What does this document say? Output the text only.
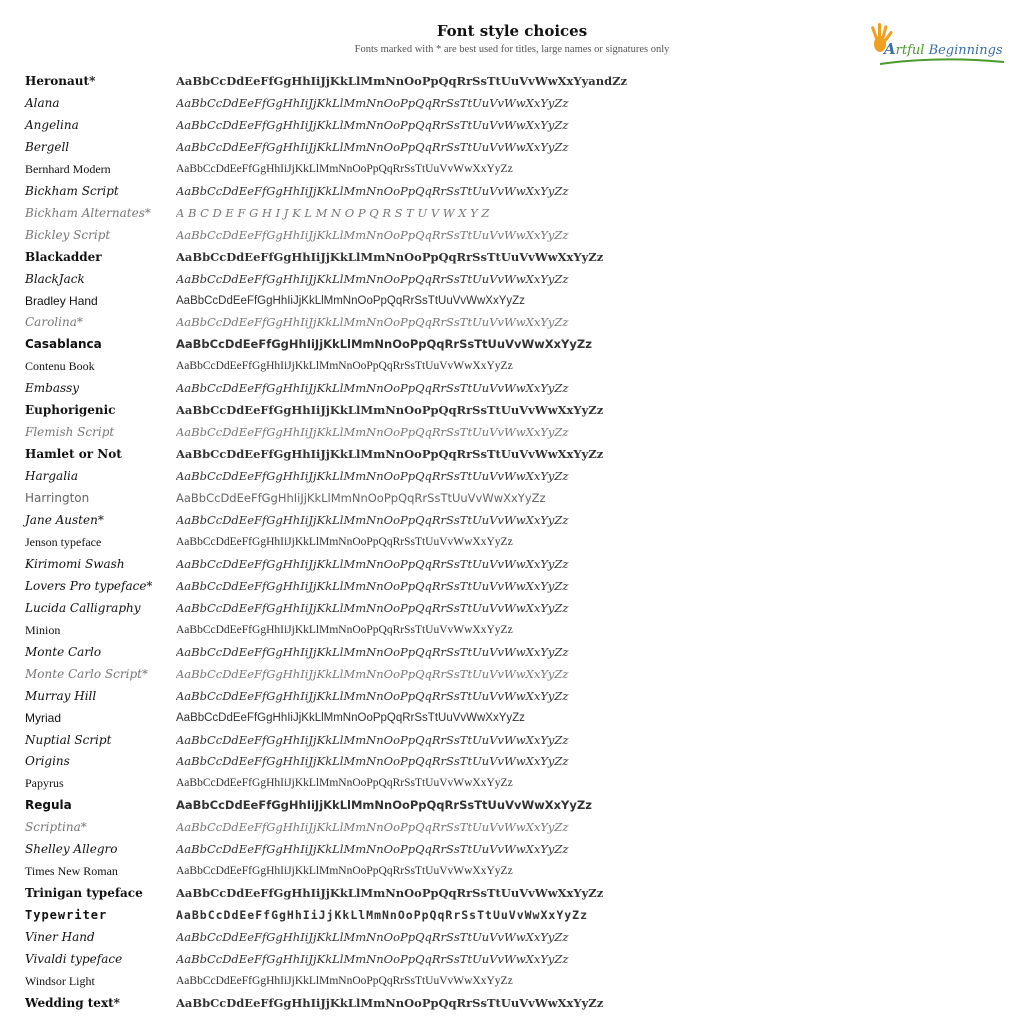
Font style choices
Fonts marked with * are best used for titles, large names or signatures only	Artful Beginnings
Heronaut*	AaBbCcDdEeFfGgHhIiJjKkLlMmNnOoPpQqRrSsTtUuVvWwXxYyandZz
Alana	AaBbCcDdEeFfGgHhIiJjKkLlMmNnOoPpQqRrSsTtUuVvWwXxYyZz
Angelina	AaBbCcDdEeFfGgHhIiJjKkLlMmNnOoPpQqRrSsTtUuVvWwXxYyZz
Bergell	AaBbCcDdEeFfGgHhIiJjKkLlMmNnOoPpQqRrSsTtUuVvWwXxYyZz
Bernhard Modern	AaBbCcDdEeFfGgHhIiJjKkLlMmNnOoPpQqRrSsTtUuVvWwXxYyZz
Bickham Script	AaBbCcDdEeFfGgHhIiJjKkLlMmNnOoPpQqRrSsTtUuVvWwXxYyZz
Bickham Alternates*	A B C D E F G H I J K L M N O P Q R S T U V W X Y Z
Bickley Script	AaBbCcDdEeFfGgHhIiJjKkLlMmNnOoPpQqRrSsTtUuVvWwXxYyZz
Blackadder	AaBbCcDdEeFfGgHhIiJjKkLlMmNnOoPpQqRrSsTtUuVvWwXxYyZz
BlackJack	AaBbCcDdEeFfGgHhIiJjKkLlMmNnOoPpQqRrSsTtUuVvWwXxYyZz
Bradley Hand	AaBbCcDdEeFfGgHhIiJjKkLlMmNnOoPpQqRrSsTtUuVvWwXxYyZz
Carolina*	AaBbCcDdEeFfGgHhIiJjKkLlMmNnOoPpQqRrSsTtUuVvWwXxYyZz
Casablanca	AaBbCcDdEeFfGgHhIiJjKkLlMmNnOoPpQqRrSsTtUuVvWwXxYyZz
Contenu Book	AaBbCcDdEeFfGgHhIiJjKkLlMmNnOoPpQqRrSsTtUuVvWwXxYyZz
Embassy	AaBbCcDdEeFfGgHhIiJjKkLlMmNnOoPpQqRrSsTtUuVvWwXxYyZz
Euphorigenic	AaBbCcDdEeFfGgHhIiJjKkLlMmNnOoPpQqRrSsTtUuVvWwXxYyZz
Flemish Script	AaBbCcDdEeFfGgHhIiJjKkLlMmNnOoPpQqRrSsTtUuVvWwXxYyZz
Hamlet or Not	AaBbCcDdEeFfGgHhIiJjKkLlMmNnOoPpQqRrSsTtUuVvWwXxYyZz
Hargalia	AaBbCcDdEeFfGgHhIiJjKkLlMmNnOoPpQqRrSsTtUuVvWwXxYyZz
Harrington	AaBbCcDdEeFfGgHhIiJjKkLlMmNnOoPpQqRrSsTtUuVvWwXxYyZz
Jane Austen*	AaBbCcDdEeFfGgHhIiJjKkLlMmNnOoPpQqRrSsTtUuVvWwXxYyZz
Jenson typeface	AaBbCcDdEeFfGgHhIiJjKkLlMmNnOoPpQqRrSsTtUuVvWwXxYyZz
Kirimomi Swash	AaBbCcDdEeFfGgHhIiJjKkLlMmNnOoPpQqRrSsTtUuVvWwXxYyZz
Lovers Pro typeface*	AaBbCcDdEeFfGgHhIiJjKkLlMmNnOoPpQqRrSsTtUuVvWwXxYyZz
Lucida Calligraphy	AaBbCcDdEeFfGgHhIiJjKkLlMmNnOoPpQqRrSsTtUuVvWwXxYyZz
Minion	AaBbCcDdEeFfGgHhIiJjKkLlMmNnOoPpQqRrSsTtUuVvWwXxYyZz
Monte Carlo	AaBbCcDdEeFfGgHhIiJjKkLlMmNnOoPpQqRrSsTtUuVvWwXxYyZz
Monte Carlo Script*	AaBbCcDdEeFfGgHhIiJjKkLlMmNnOoPpQqRrSsTtUuVvWwXxYyZz
Murray Hill	AaBbCcDdEeFfGgHhIiJjKkLlMmNnOoPpQqRrSsTtUuVvWwXxYyZz
Myriad	AaBbCcDdEeFfGgHhIiJjKkLlMmNnOoPpQqRrSsTtUuVvWwXxYyZz
Nuptial Script	AaBbCcDdEeFfGgHhIiJjKkLlMmNnOoPpQqRrSsTtUuVvWwXxYyZz
Origins	AaBbCcDdEeFfGgHhIiJjKkLlMmNnOoPpQqRrSsTtUuVvWwXxYyZz
Papyrus	AaBbCcDdEeFfGgHhIiJjKkLlMmNnOoPpQqRrSsTtUuVvWwXxYyZz
Regula	AaBbCcDdEeFfGgHhIiJjKkLlMmNnOoPpQqRrSsTtUuVvWwXxYyZz
Scriptina*	AaBbCcDdEeFfGgHhIiJjKkLlMmNnOoPpQqRrSsTtUuVvWwXxYyZz
Shelley Allegro	AaBbCcDdEeFfGgHhIiJjKkLlMmNnOoPpQqRrSsTtUuVvWwXxYyZz
Times New Roman	AaBbCcDdEeFfGgHhIiJjKkLlMmNnOoPpQqRrSsTtUuVvWwXxYyZz
Trinigan typeface	AaBbCcDdEeFfGgHhIiJjKkLlMmNnOoPpQqRrSsTtUuVvWwXxYyZz
Typewriter	AaBbCcDdEeFfGgHhIiJjKkLlMmNnOoPpQqRrSsTtUuVvWwXxYyZz
Viner Hand	AaBbCcDdEeFfGgHhIiJjKkLlMmNnOoPpQqRrSsTtUuVvWwXxYyZz
Vivaldi typeface	AaBbCcDdEeFfGgHhIiJjKkLlMmNnOoPpQqRrSsTtUuVvWwXxYyZz
Windsor Light	AaBbCcDdEeFfGgHhIiJjKkLlMmNnOoPpQqRrSsTtUuVvWwXxYyZz
Wedding text*	AaBbCcDdEeFfGgHhIiJjKkLlMmNnOoPpQqRrSsTtUuVvWwXxYyZz
